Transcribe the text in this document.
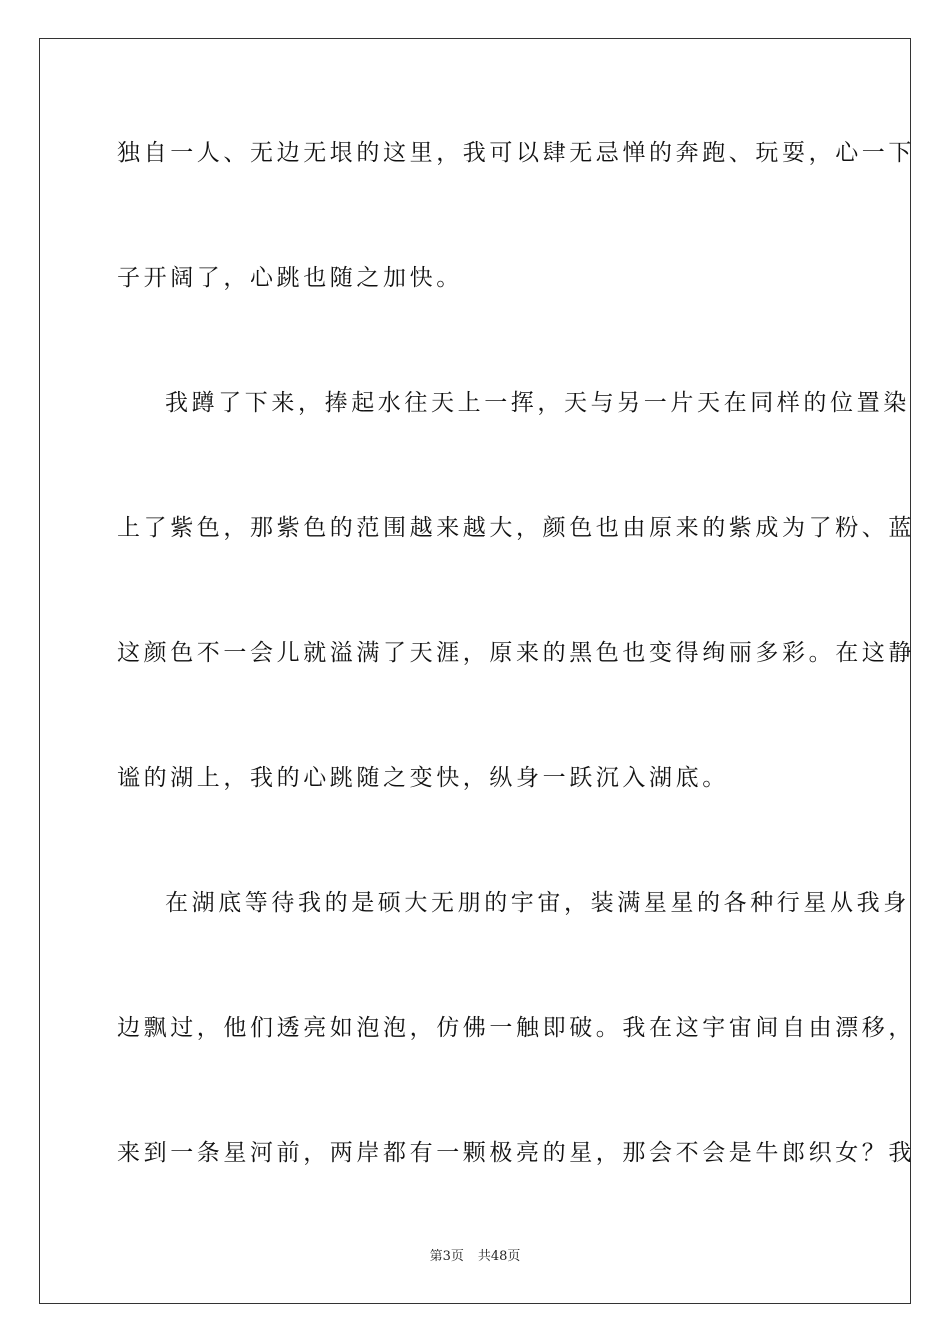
独自一人、无边无垠的这里，我可以肆无忌惮的奔跑、玩耍，心一下
子开阔了，心跳也随之加快。
我蹲了下来，捧起水往天上一挥，天与另一片天在同样的位置染
上了紫色，那紫色的范围越来越大，颜色也由原来的紫成为了粉、蓝
这颜色不一会儿就溢满了天涯，原来的黑色也变得绚丽多彩。在这静
谧的湖上，我的心跳随之变快，纵身一跃沉入湖底。
在湖底等待我的是硕大无朋的宇宙，装满星星的各种行星从我身
边飘过，他们透亮如泡泡，仿佛一触即破。我在这宇宙间自由漂移，
来到一条星河前，两岸都有一颗极亮的星，那会不会是牛郎织女？我
第3页 共48页
